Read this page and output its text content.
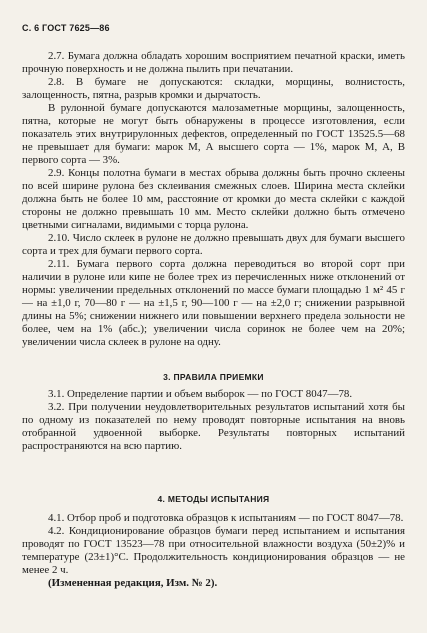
С. 6 ГОСТ 7625—86

2.7. Бумага должна обладать хорошим восприятием печатной краски, иметь прочную поверхность и не должна пылить при печатании.

2.8. В бумаге не допускаются: складки, морщины, волнистость, залощенность, пятна, разрыв кромки и дырчатость.

В рулонной бумаге допускаются малозаметные морщины, залощенность, пятна, которые не могут быть обнаружены в процессе изготовления, если показатель этих внутрирулонных дефектов, определенный по ГОСТ 13525.5—68 не превышает для бумаги: марок М, А высшего сорта — 1%, марок М, А, В первого сорта — 3%.

2.9. Концы полотна бумаги в местах обрыва должны быть прочно склеены по всей ширине рулона без склеивания смежных слоев. Ширина места склейки должна быть не более 10 мм, расстояние от кромки до места склейки с каждой стороны не должно превышать 10 мм. Место склейки должно быть отмечено цветными сигналами, видимыми с торца рулона.

2.10. Число склеек в рулоне не должно превышать двух для бумаги высшего сорта и трех для бумаги первого сорта.

2.11. Бумага первого сорта должна переводиться во второй сорт при наличии в рулоне или кипе не более трех из перечисленных ниже отклонений от нормы: увеличении предельных отклонений по массе бумаги площадью 1 м² 45 г — на ±1,0 г, 70—80 г — на ±1,5 г, 90—100 г — на ±2,0 г; снижении разрывной длины на 5%; снижении нижнего или повышении верхнего предела зольности не более, чем на 1% (абс.); увеличении числа соринок не более чем на 20%; увеличении числа склеек в рулоне на одну.

3. ПРАВИЛА ПРИЕМКИ

3.1. Определение партии и объем выборок — по ГОСТ 8047—78.

3.2. При получении неудовлетворительных результатов испытаний хотя бы по одному из показателей по нему проводят повторные испытания на вновь отобранной удвоенной выборке. Результаты повторных испытаний распространяются на всю партию.

4. МЕТОДЫ ИСПЫТАНИЯ

4.1. Отбор проб и подготовка образцов к испытаниям — по ГОСТ 8047—78.

4.2. Кондиционирование образцов бумаги перед испытанием и испытания проводят по ГОСТ 13523—78 при относительной влажности воздуха (50±2)% и температуре (23±1)°С. Продолжительность кондиционирования образцов — не менее 2 ч.

(Измененная редакция, Изм. № 2).
